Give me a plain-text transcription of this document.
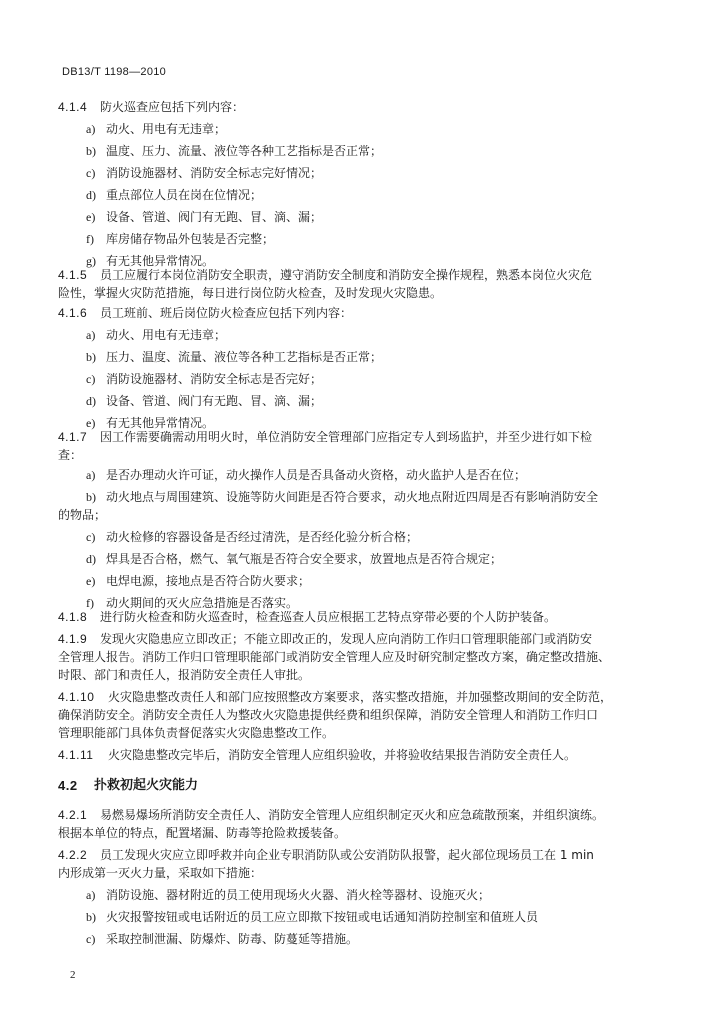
DB13/T 1198—2010
4.1.4 防火巡查应包括下列内容：
a) 动火、用电有无违章；
b) 温度、压力、流量、液位等各种工艺指标是否正常；
c) 消防设施器材、消防安全标志完好情况；
d) 重点部位人员在岗在位情况；
e) 设备、管道、阀门有无跑、冒、滴、漏；
f) 库房储存物品外包装是否完整；
g) 有无其他异常情况。
4.1.5 员工应履行本岗位消防安全职责，遵守消防安全制度和消防安全操作规程，熟悉本岗位火灾危
险性，掌握火灾防范措施，每日进行岗位防火检查，及时发现火灾隐患。
4.1.6 员工班前、班后岗位防火检查应包括下列内容：
a) 动火、用电有无违章；
b) 压力、温度、流量、液位等各种工艺指标是否正常；
c) 消防设施器材、消防安全标志是否完好；
d) 设备、管道、阀门有无跑、冒、滴、漏；
e) 有无其他异常情况。
4.1.7 因工作需要确需动用明火时，单位消防安全管理部门应指定专人到场监护，并至少进行如下检
查：
a) 是否办理动火许可证，动火操作人员是否具备动火资格，动火监护人是否在位；
b) 动火地点与周围建筑、设施等防火间距是否符合要求，动火地点附近四周是否有影响消防安全
的物品；
c) 动火检修的容器设备是否经过清洗，是否经化验分析合格；
d) 焊具是否合格，燃气、氧气瓶是否符合安全要求，放置地点是否符合规定；
e) 电焊电源，接地点是否符合防火要求；
f) 动火期间的灭火应急措施是否落实。
4.1.8 进行防火检查和防火巡查时，检查巡查人员应根据工艺特点穿带必要的个人防护装备。
4.1.9 发现火灾隐患应立即改正；不能立即改正的，发现人应向消防工作归口管理职能部门或消防安
全管理人报告。消防工作归口管理职能部门或消防安全管理人应及时研究制定整改方案，确定整改措施、
时限、部门和责任人，报消防安全责任人审批。
4.1.10 火灾隐患整改责任人和部门应按照整改方案要求，落实整改措施，并加强整改期间的安全防范，
确保消防安全。消防安全责任人为整改火灾隐患提供经费和组织保障，消防安全管理人和消防工作归口
管理职能部门具体负责督促落实火灾隐患整改工作。
4.1.11 火灾隐患整改完毕后，消防安全管理人应组织验收，并将验收结果报告消防安全责任人。
4.2 扑救初起火灾能力
4.2.1 易燃易爆场所消防安全责任人、消防安全管理人应组织制定灭火和应急疏散预案，并组织演练。
根据本单位的特点，配置堵漏、防毒等抢险救援装备。
4.2.2 员工发现火灾应立即呼救并向企业专职消防队或公安消防队报警，起火部位现场员工在 1 min
内形成第一灭火力量，采取如下措施：
a) 消防设施、器材附近的员工使用现场火火器、消火栓等器材、设施灭火；
b) 火灾报警按钮或电话附近的员工应立即揿下按钮或电话通知消防控制室和值班人员
c) 采取控制泄漏、防爆炸、防毒、防蔓延等措施。
2
